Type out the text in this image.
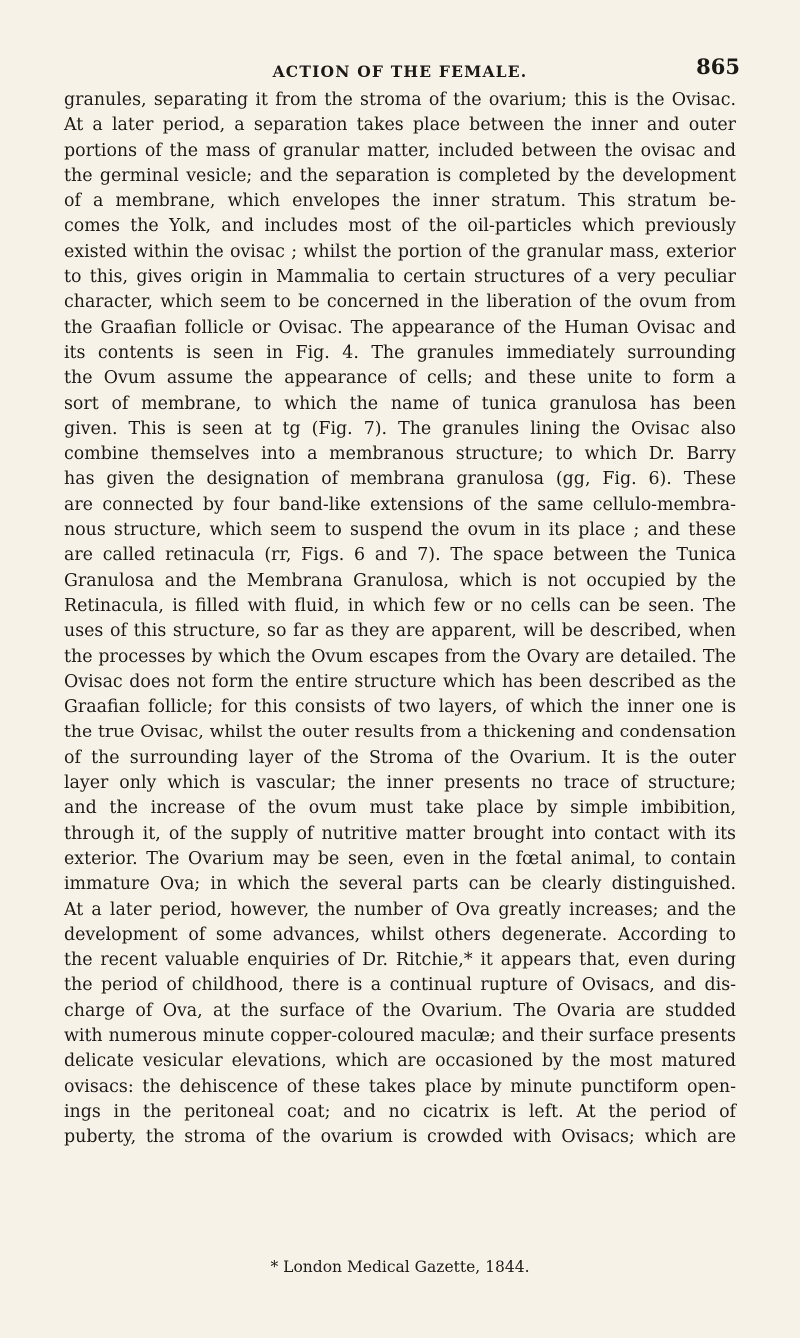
ACTION OF THE FEMALE.	865
granules, separating it from the stroma of the ovarium; this is the Ovisac.
At a later period, a separation takes place between the inner and outer
portions of the mass of granular matter, included between the ovisac and
the germinal vesicle; and the separation is completed by the development
of a membrane, which envelopes the inner stratum. This stratum be-
comes the Yolk, and includes most of the oil-particles which previously
existed within the ovisac ; whilst the portion of the granular mass, exterior
to this, gives origin in Mammalia to certain structures of a very peculiar
character, which seem to be concerned in the liberation of the ovum from
the Graafian follicle or Ovisac. The appearance of the Human Ovisac and
its contents is seen in Fig. 4. The granules immediately surrounding
the Ovum assume the appearance of cells; and these unite to form a
sort of membrane, to which the name of tunica granulosa has been
given. This is seen at tg (Fig. 7). The granules lining the Ovisac also
combine themselves into a membranous structure; to which Dr. Barry
has given the designation of membrana granulosa (gg, Fig. 6). These
are connected by four band-like extensions of the same cellulo-membra-
nous structure, which seem to suspend the ovum in its place ; and these
are called retinacula (rr, Figs. 6 and 7). The space between the Tunica
Granulosa and the Membrana Granulosa, which is not occupied by the
Retinacula, is filled with fluid, in which few or no cells can be seen. The
uses of this structure, so far as they are apparent, will be described, when
the processes by which the Ovum escapes from the Ovary are detailed. The
Ovisac does not form the entire structure which has been described as the
Graafian follicle; for this consists of two layers, of which the inner one is
the true Ovisac, whilst the outer results from a thickening and condensation
of the surrounding layer of the Stroma of the Ovarium. It is the outer
layer only which is vascular; the inner presents no trace of structure;
and the increase of the ovum must take place by simple imbibition,
through it, of the supply of nutritive matter brought into contact with its
exterior. The Ovarium may be seen, even in the fœtal animal, to contain
immature Ova; in which the several parts can be clearly distinguished.
At a later period, however, the number of Ova greatly increases; and the
development of some advances, whilst others degenerate. According to
the recent valuable enquiries of Dr. Ritchie,* it appears that, even during
the period of childhood, there is a continual rupture of Ovisacs, and dis-
charge of Ova, at the surface of the Ovarium. The Ovaria are studded
with numerous minute copper-coloured maculæ; and their surface presents
delicate vesicular elevations, which are occasioned by the most matured
ovisacs: the dehiscence of these takes place by minute punctiform open-
ings in the peritoneal coat; and no cicatrix is left. At the period of
puberty, the stroma of the ovarium is crowded with Ovisacs; which are
* London Medical Gazette, 1844.
